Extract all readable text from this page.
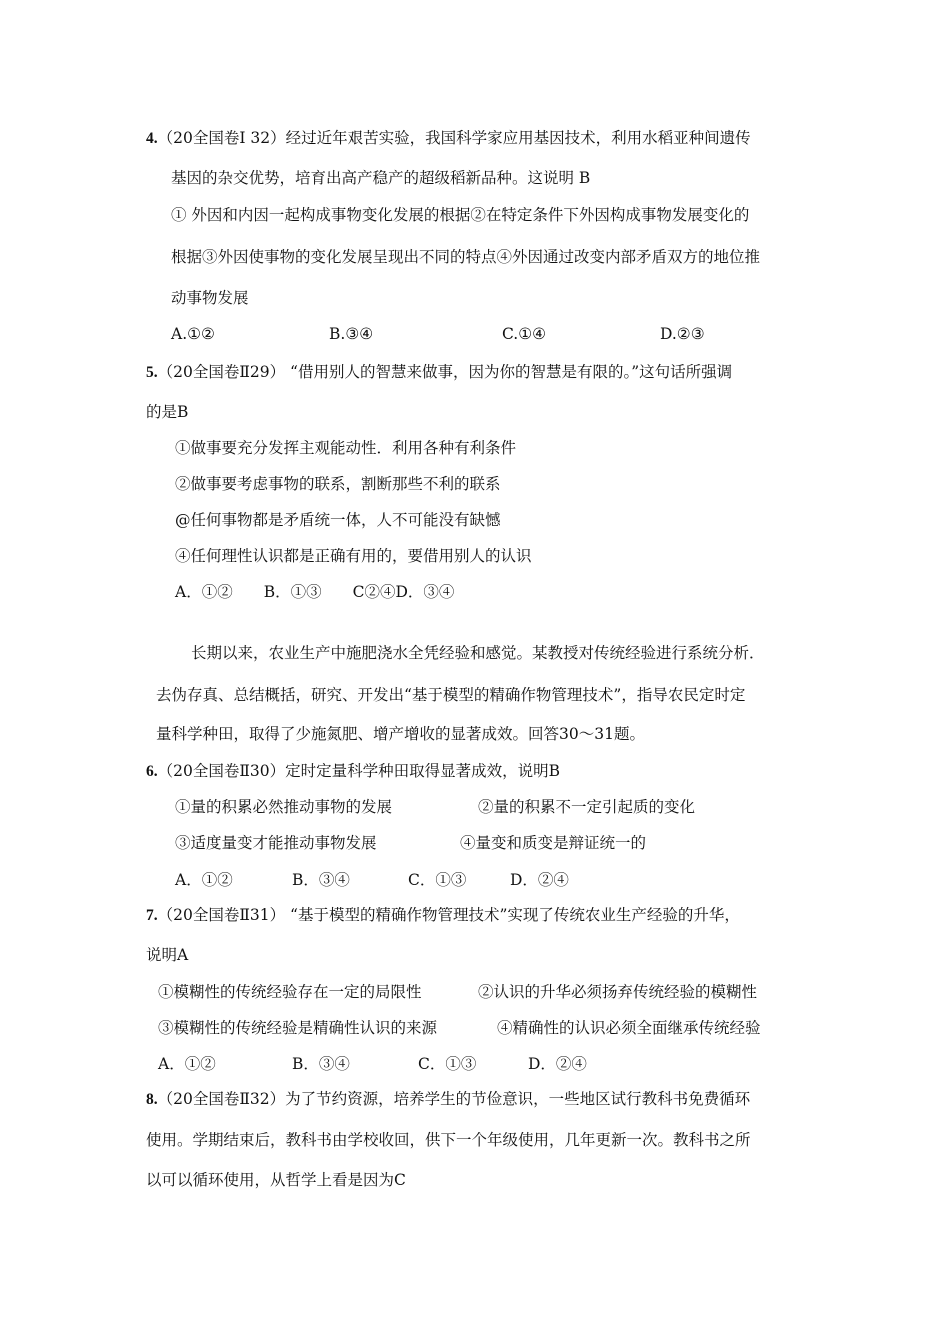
4.（20全国卷Ⅰ 32）经过近年艰苦实验，我国科学家应用基因技术，利用水稻亚种间遗传
基因的杂交优势，培育出高产稳产的超级稻新品种。这说明 B
① 外因和内因一起构成事物变化发展的根据②在特定条件下外因构成事物发展变化的
根据③外因使事物的变化发展呈现出不同的特点④外因通过改变内部矛盾双方的地位推
动事物发展
A.①②	B.③④	C.①④	D.②③
5.（20全国卷Ⅱ29） “借用别人的智慧来做事，因为你的智慧是有限的。”这句话所强调
的是B
①做事要充分发挥主观能动性．利用各种有利条件
②做事要考虑事物的联系，割断那些不利的联系
@任何事物都是矛盾统一体，人不可能没有缺憾
④任何理性认识都是正确有用的，要借用别人的认识
A．①②　　B．①③　　C②④D．③④
长期以来，农业生产中施肥浇水全凭经验和感觉。某教授对传统经验进行系统分析．
去伪存真、总结概括，研究、开发出“基于模型的精确作物管理技术”，指导农民定时定
量科学种田，取得了少施氮肥、增产增收的显著成效。回答30～31题。
6.（20全国卷Ⅱ30）定时定量科学种田取得显著成效，说明B
①量的积累必然推动事物的发展	②量的积累不一定引起质的变化
③适度量变才能推动事物发展	④量变和质变是辩证统一的
A．①②	B．③④	C．①③	D．②④
7.（20全国卷Ⅱ31） “基于模型的精确作物管理技术”实现了传统农业生产经验的升华，
说明A
①模糊性的传统经验存在一定的局限性	②认识的升华必须扬弃传统经验的模糊性
③模糊性的传统经验是精确性认识的来源	④精确性的认识必须全面继承传统经验
A．①②	B．③④	C．①③	D．②④
8.（20全国卷Ⅱ32）为了节约资源，培养学生的节俭意识，一些地区试行教科书免费循环
使用。学期结束后，教科书由学校收回，供下一个年级使用，几年更新一次。教科书之所
以可以循环使用，从哲学上看是因为C
